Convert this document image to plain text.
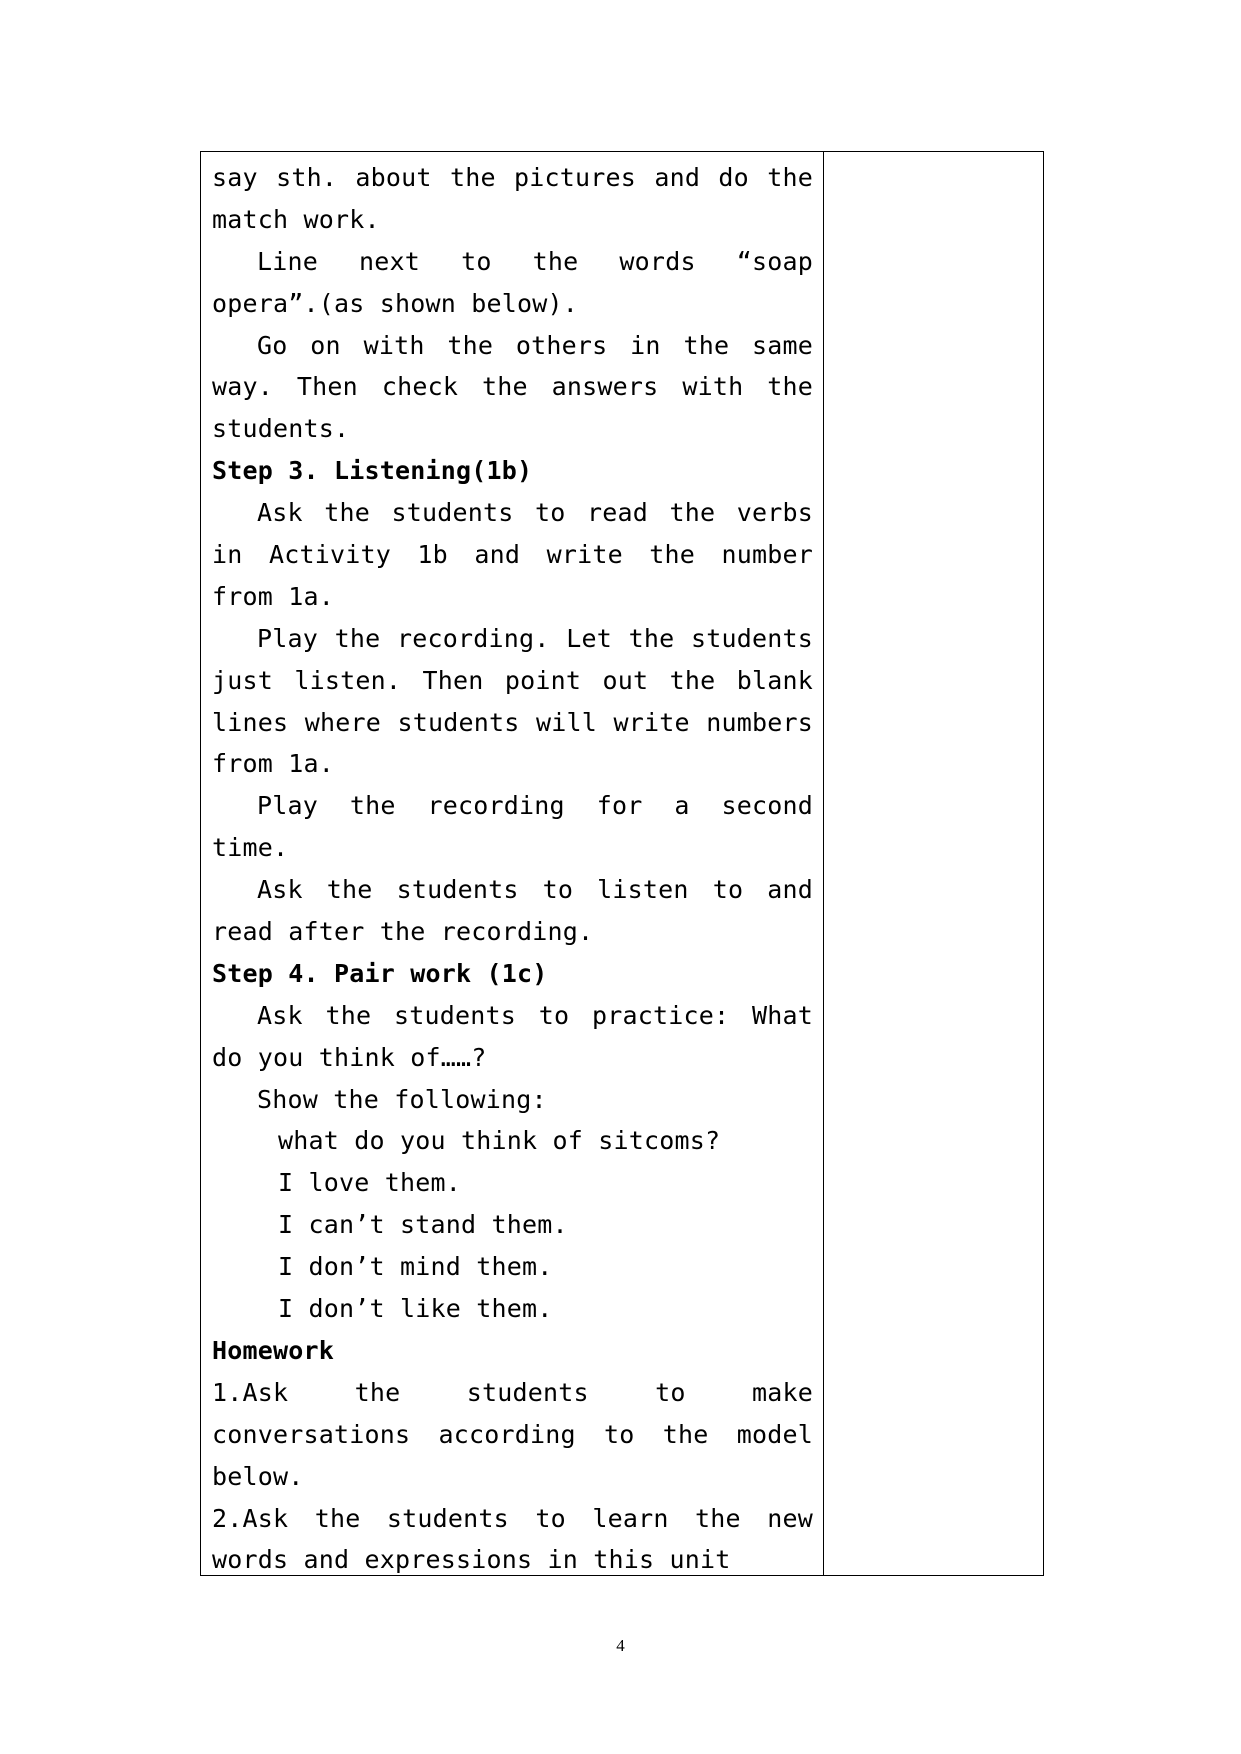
say sth. about the pictures and do the
match work.
Line next to the words “soap
opera”.(as shown below).
Go on with the others in the same
way. Then check the answers with the
students.
Step 3. Listening(1b)
Ask the students to read the verbs
in Activity 1b and write the number
from 1a.
Play the recording. Let the students
just listen. Then point out the blank
lines where students will write numbers
from 1a.
Play the recording for a second
time.
Ask the students to listen to and
read after the recording.
Step 4. Pair work (1c)
Ask the students to practice: What
do you think of……?
Show the following:
what do you think of sitcoms?
I love them.
I can’t stand them.
I don’t mind them.
I don’t like them.
Homework
1.Ask the students to make
conversations according to the model
below.
2.Ask the students to learn the new
words and expressions in this unit
4
